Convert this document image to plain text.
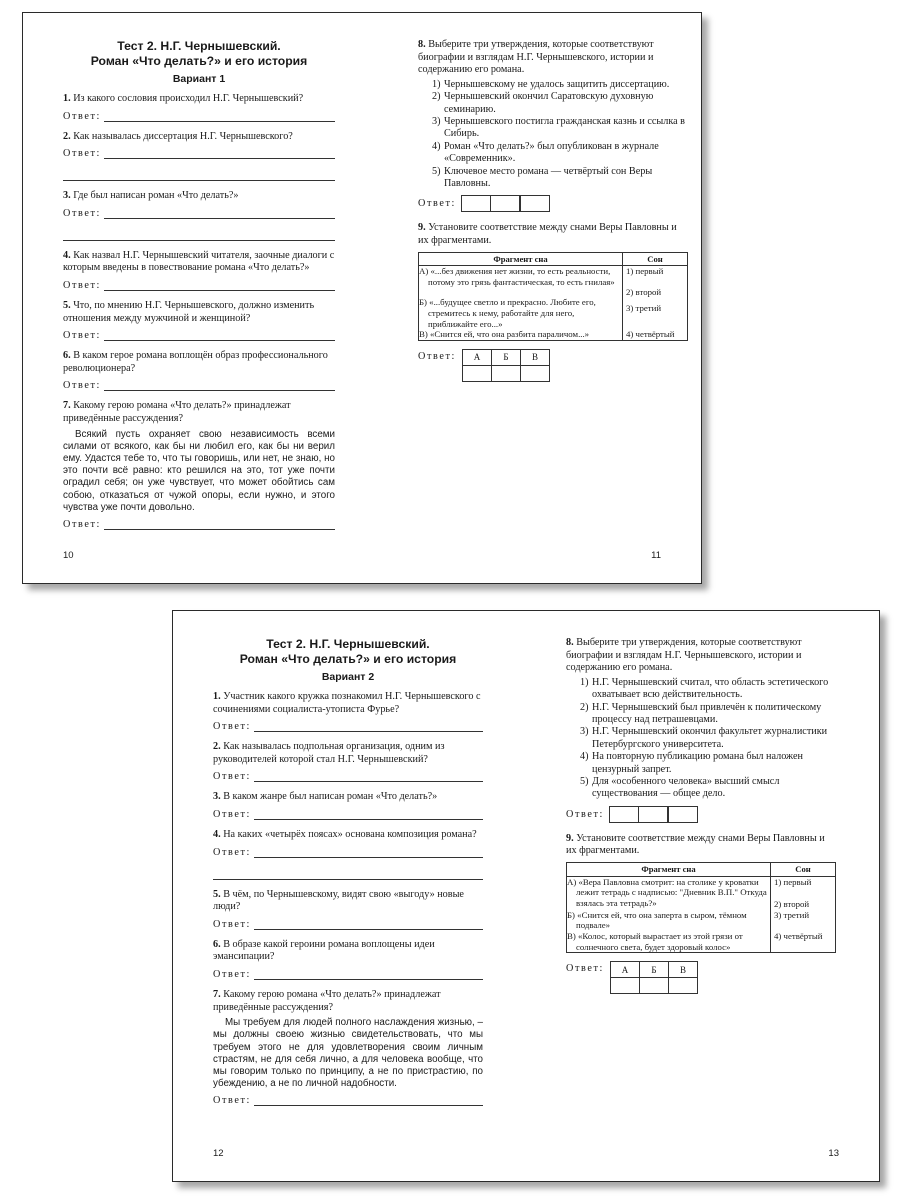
Тест 2. Н.Г. Чернышевский.
Роман «Что делать?» и его история
Вариант 1

1. Из какого сословия происходил Н.Г. Чернышевский?

Ответ:

2. Как называлась диссертация Н.Г. Чернышевского?

Ответ:

3. Где был написан роман «Что делать?»

Ответ:

4. Как назвал Н.Г. Чернышевский читателя, заочные диалоги с которым введены в повествование романа «Что делать?»

Ответ:

5. Что, по мнению Н.Г. Чернышевского, должно изменить отношения между мужчиной и женщиной?

Ответ:

6. В каком герое романа воплощён образ профессионального революционера?

Ответ:

7. Какому герою романа «Что делать?» принадлежат приведённые рассуждения?

Всякий пусть охраняет свою независимость всеми силами от всякого, как бы ни любил его, как бы ни верил ему. Удастся тебе то, что ты говоришь, или нет, не знаю, но это почти всё равно: кто решился на это, тот уже почти оградил себя; он уже чувствует, что может обойтись сам собою, отказаться от чужой опоры, если нужно, и этого чувства уже почти довольно.

Ответ:
10

8. Выберите три утверждения, которые соответствуют биографии и взглядам Н.Г. Чернышевского, истории и содержанию его романа.

1) Чернышевскому не удалось защитить диссертацию.
2) Чернышевский окончил Саратовскую духовную семинарию.
3) Чернышевского постигла гражданская казнь и ссылка в Сибирь.
4) Роман «Что делать?» был опубликован в журнале «Современник».
5) Ключевое место романа — четвёртый сон Веры Павловны.
Ответ:

9. Установите соответствие между снами Веры Павловны и их фрагментами.

Фрагмент сна	Сон
А) «...без движения нет жизни, то есть реальности, потому это грязь фантастическая, то есть гнилая»	1) первый
	2) второй
Б) «...будущее светло и прекрасно. Любите его, стремитесь к нему, работайте для него, приближайте его...»	3) третий
В) «Снится ей, что она разбита параличом...»	4) четвёртый
Ответ: А	Б	В

11
Тест 2. Н.Г. Чернышевский.
Роман «Что делать?» и его история
Вариант 2

1. Участник какого кружка познакомил Н.Г. Чернышевского с сочинениями социалиста-утописта Фурье?

Ответ:

2. Как называлась подпольная организация, одним из руководителей которой стал Н.Г. Чернышевский?

Ответ:

3. В каком жанре был написан роман «Что делать?»

Ответ:

4. На каких «четырёх поясах» основана композиция романа?

Ответ:

5. В чём, по Чернышевскому, видят свою «выгоду» новые люди?

Ответ:

6. В образе какой героини романа воплощены идеи эмансипации?

Ответ:

7. Какому герою романа «Что делать?» принадлежат приведённые рассуждения?

Мы требуем для людей полного наслаждения жизнью, – мы должны своею жизнью свидетельствовать, что мы требуем этого не для удовлетворения своим личным страстям, не для себя лично, а для человека вообще, что мы говорим только по принципу, а не по пристрастию, по убеждению, а не по личной надобности.

Ответ:
12

8. Выберите три утверждения, которые соответствуют биографии и взглядам Н.Г. Чернышевского, истории и содержанию его романа.

1) Н.Г. Чернышевский считал, что область эстетического охватывает всю действительность.
2) Н.Г. Чернышевский был привлечён к политическому процессу над петрашевцами.
3) Н.Г. Чернышевский окончил факультет журналистики Петербургского университета.
4) На повторную публикацию романа был наложен цензурный запрет.
5) Для «особенного человека» высший смысл существования — общее дело.
Ответ:

9. Установите соответствие между снами Веры Павловны и их фрагментами.

Фрагмент сна	Сон
А) «Вера Павловна смотрит: на столике у кроватки лежит тетрадь с надписью: "Дневник В.П." Откуда взялась эта тетрадь?»	1) первый
	2) второй
Б) «Снится ей, что она заперта в сыром, тёмном подвале»	3) третий
В) «Колос, который вырастает из этой грязи от солнечного света, будет здоровый колос»	4) четвёртый
Ответ: А	Б	В

13
